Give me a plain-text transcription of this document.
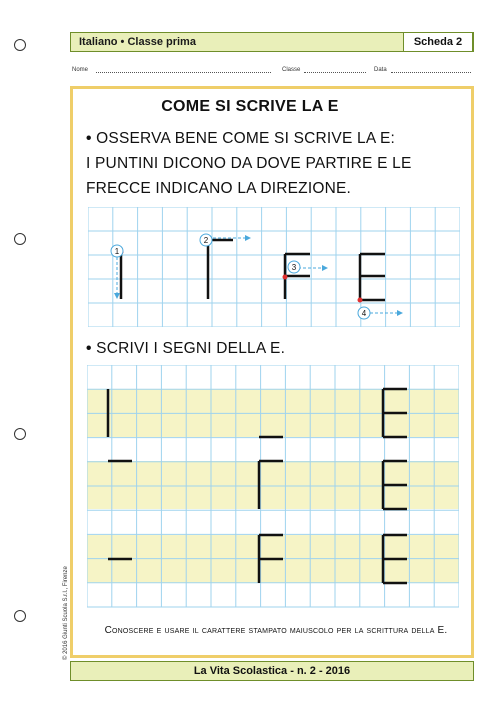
Italiano • Classe prima	Scheda 2
Nome	Classe	Data
COME SI SCRIVE LA E
• OSSERVA BENE COME SI SCRIVE LA E:
I PUNTINI DICONO DA DOVE PARTIRE E LE
FRECCE INDICANO LA DIREZIONE.
1
2
3
4
• SCRIVI I SEGNI DELLA E.
Conoscere e usare il carattere stampato maiuscolo per la scrittura della E.
© 2016 Giunti Scuola S.r.l., Firenze
La Vita Scolastica - n. 2 - 2016
